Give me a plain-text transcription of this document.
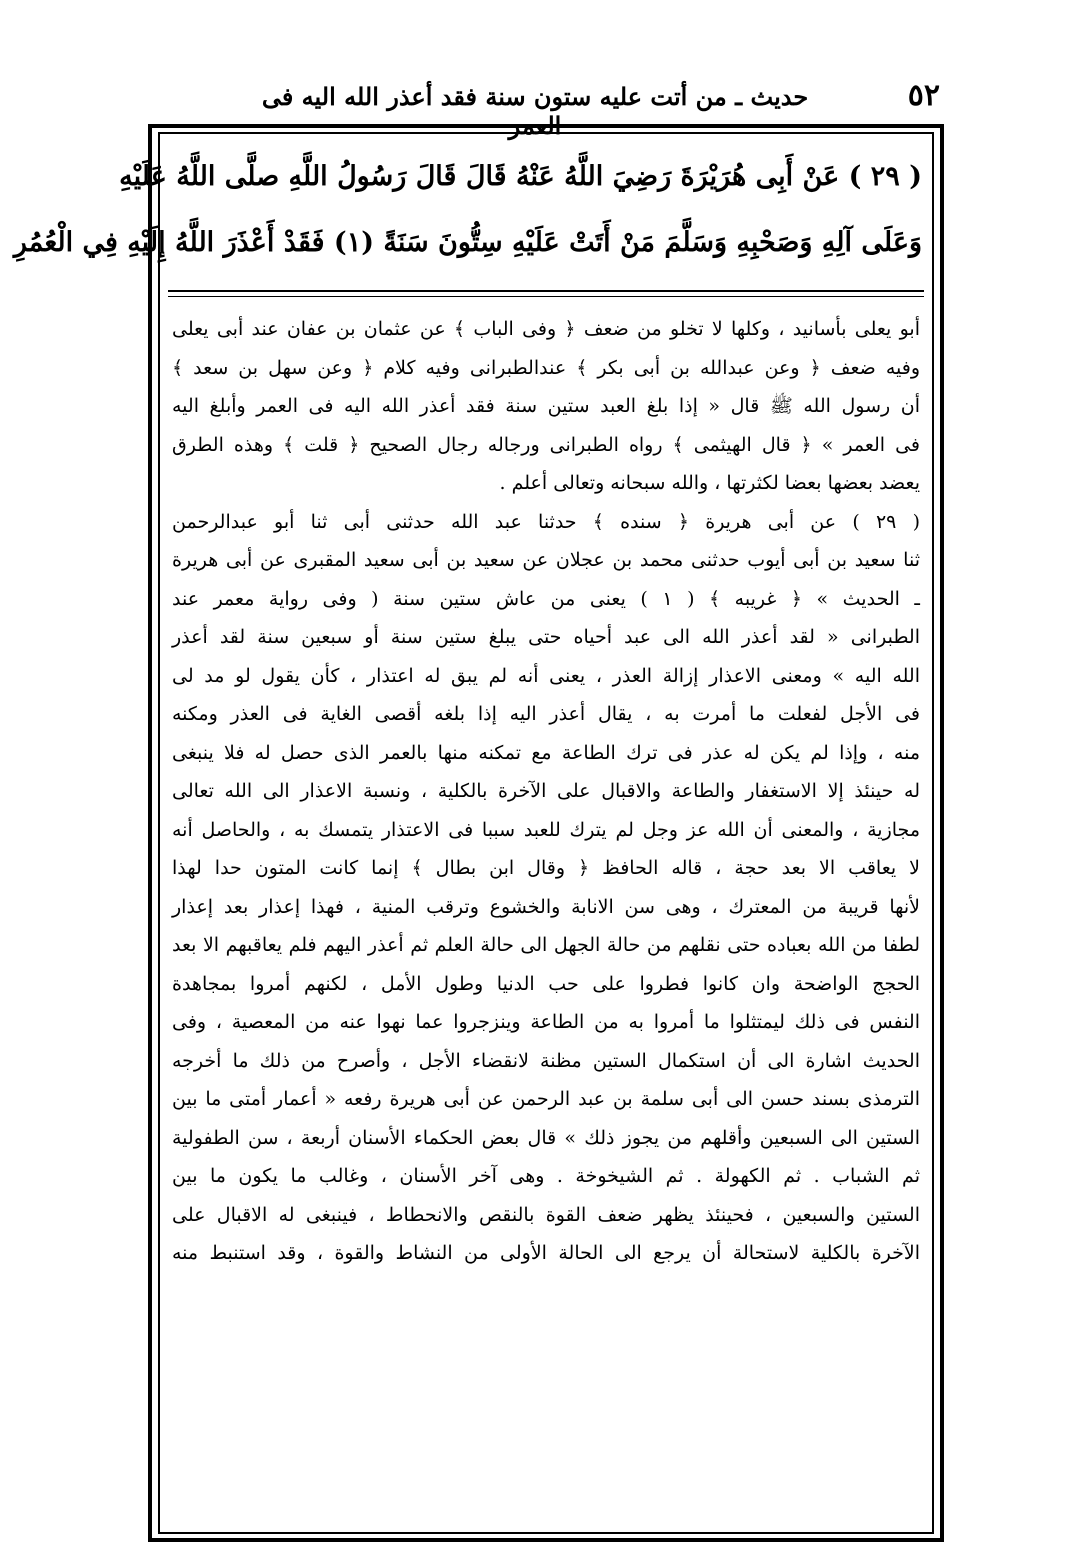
٥٢
حديث ـ من أتت عليه ستون سنة فقد أعذر الله اليه فى العمر
( ٢٩ ) عَنْ أَبِى هُرَيْرَةَ رَضِيَ اللَّهُ عَنْهُ قَالَ قَالَ رَسُولُ اللَّهِ صلَّى اللَّهُ عَلَيْهِ
وَعَلَى آلِهِ وَصَحْبِهِ وَسَلَّمَ مَنْ أَتَتْ عَلَيْهِ سِتُّونَ سَنَةً (١) فَقَدْ أَعْذَرَ اللَّهُ إِلَيْهِ فِي الْعُمُرِ
أبو يعلى بأسانيد ، وكلها لا تخلو من ضعف ﴿ وفى الباب ﴾ عن عثمان بن عفان عند أبى يعلى
وفيه ضعف ﴿ وعن عبدالله بن أبى بكر ﴾ عندالطبرانى وفيه كلام ﴿ وعن سهل بن سعد ﴾
أن رسول الله ﷺ قال « إذا بلغ العبد ستين سنة فقد أعذر الله اليه فى العمر وأبلغ اليه
فى العمر » ﴿ قال الهيثمى ﴾ رواه الطبرانى ورجاله رجال الصحيح ﴿ قلت ﴾ وهذه الطرق
يعضد بعضها بعضا لكثرتها ، والله سبحانه وتعالى أعلم .
( ٢٩ ) عن أبى هريرة ﴿ سنده ﴾ حدثنا عبد الله حدثنى أبى ثنا أبو عبدالرحمن
ثنا سعيد بن أبى أيوب حدثنى محمد بن عجلان عن سعيد بن أبى سعيد المقبرى عن أبى هريرة
ـ الحديث » ﴿ غريبه ﴾ ( ١ ) يعنى من عاش ستين سنة ( وفى رواية معمر عند
الطبرانى « لقد أعذر الله الى عبد أحياه حتى يبلغ ستين سنة أو سبعين سنة لقد أعذر
الله اليه » ومعنى الاعذار إزالة العذر ، يعنى أنه لم يبق له اعتذار ، كأن يقول لو مد لى
فى الأجل لفعلت ما أمرت به ، يقال أعذر اليه إذا بلغه أقصى الغاية فى العذر ومكنه
منه ، وإذا لم يكن له عذر فى ترك الطاعة مع تمكنه منها بالعمر الذى حصل له فلا ينبغى
له حينئذ إلا الاستغفار والطاعة والاقبال على الآخرة بالكلية ، ونسبة الاعذار الى الله تعالى
مجازية ، والمعنى أن الله عز وجل لم يترك للعبد سببا فى الاعتذار يتمسك به ، والحاصل أنه
لا يعاقب الا بعد حجة ، قاله الحافظ ﴿ وقال ابن بطال ﴾ إنما كانت المتون حدا لهذا
لأنها قريبة من المعترك ، وهى سن الانابة والخشوع وترقب المنية ، فهذا إعذار بعد إعذار
لطفا من الله بعباده حتى نقلهم من حالة الجهل الى حالة العلم ثم أعذر اليهم فلم يعاقبهم الا بعد
الحجج الواضحة وان كانوا فطروا على حب الدنيا وطول الأمل ، لكنهم أمروا بمجاهدة
النفس فى ذلك ليمتثلوا ما أمروا به من الطاعة وينزجروا عما نهوا عنه من المعصية ، وفى
الحديث اشارة الى أن استكمال الستين مظنة لانقضاء الأجل ، وأصرح من ذلك ما أخرجه
الترمذى بسند حسن الى أبى سلمة بن عبد الرحمن عن أبى هريرة رفعه « أعمار أمتى ما بين
الستين الى السبعين وأقلهم من يجوز ذلك » قال بعض الحكماء الأسنان أربعة ، سن الطفولية
ثم الشباب . ثم الكهولة . ثم الشيخوخة . وهى آخر الأسنان ، وغالب ما يكون ما بين
الستين والسبعين ، فحينئذ يظهر ضعف القوة بالنقص والانحطاط ، فينبغى له الاقبال على
الآخرة بالكلية لاستحالة أن يرجع الى الحالة الأولى من النشاط والقوة ، وقد استنبط منه
